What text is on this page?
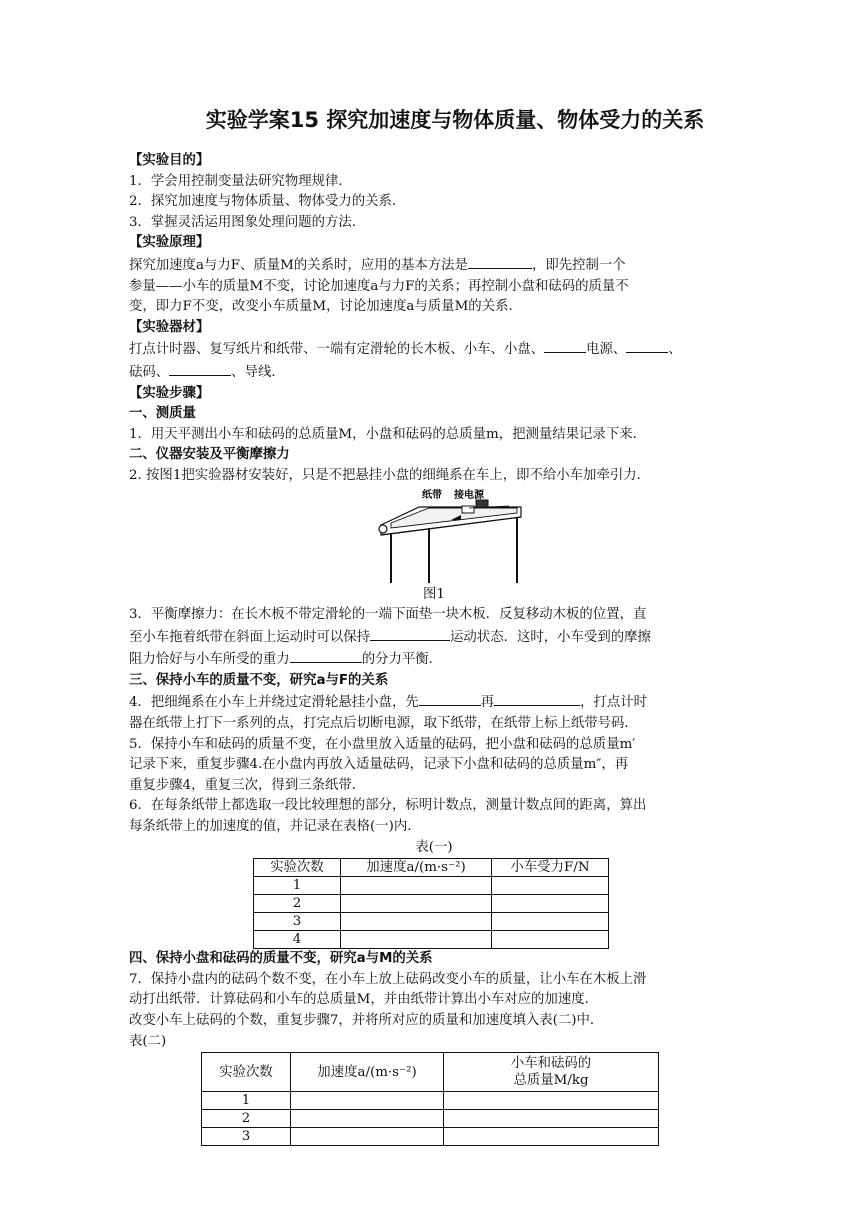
实验学案15 探究加速度与物体质量、物体受力的关系
【实验目的】
1．学会用控制变量法研究物理规律．
2．探究加速度与物体质量、物体受力的关系．
3．掌握灵活运用图象处理问题的方法．
【实验原理】
探究加速度a与力F、质量M的关系时，应用的基本方法是	，即先控制一个
参量——小车的质量M不变，讨论加速度a与力F的关系；再控制小盘和砝码的质量不
变，即力F不变，改变小车质量M，讨论加速度a与质量M的关系．
【实验器材】
打点计时器、复写纸片和纸带、一端有定滑轮的长木板、小车、小盘、	电源、	、
砝码、	、导线．
【实验步骤】
一、测质量
1．用天平测出小车和砝码的总质量M，小盘和砝码的总质量m，把测量结果记录下来．
二、仪器安装及平衡摩擦力
2. 按图1把实验器材安装好，只是不把悬挂小盘的细绳系在车上，即不给小车加牵引力．
纸带 接电源
图1
3．平衡摩擦力：在长木板不带定滑轮的一端下面垫一块木板．反复移动木板的位置，直
至小车拖着纸带在斜面上运动时可以保持	运动状态．这时，小车受到的摩擦
阻力恰好与小车所受的重力	的分力平衡．
三、保持小车的质量不变，研究a与F的关系
4．把细绳系在小车上并绕过定滑轮悬挂小盘，先	再	，打点计时
器在纸带上打下一系列的点，打完点后切断电源，取下纸带，在纸带上标上纸带号码．
5．保持小车和砝码的质量不变，在小盘里放入适量的砝码，把小盘和砝码的总质量m′
记录下来，重复步骤4.在小盘内再放入适量砝码，记录下小盘和砝码的总质量m″，再
重复步骤4，重复三次，得到三条纸带．
6．在每条纸带上都选取一段比较理想的部分，标明计数点，测量计数点间的距离，算出
每条纸带上的加速度的值，并记录在表格(一)内．
表(一)
实验次数	加速度a/(m·s⁻²)	小车受力F/N
1		
2		
3		
4		
四、保持小盘和砝码的质量不变，研究a与M的关系
7．保持小盘内的砝码个数不变，在小车上放上砝码改变小车的质量，让小车在木板上滑
动打出纸带．计算砝码和小车的总质量M，并由纸带计算出小车对应的加速度．
改变小车上砝码的个数，重复步骤7，并将所对应的质量和加速度填入表(二)中．
表(二)
实验次数	加速度a/(m·s⁻²)	小车和砝码的
总质量M/kg

1		
2		
3		
